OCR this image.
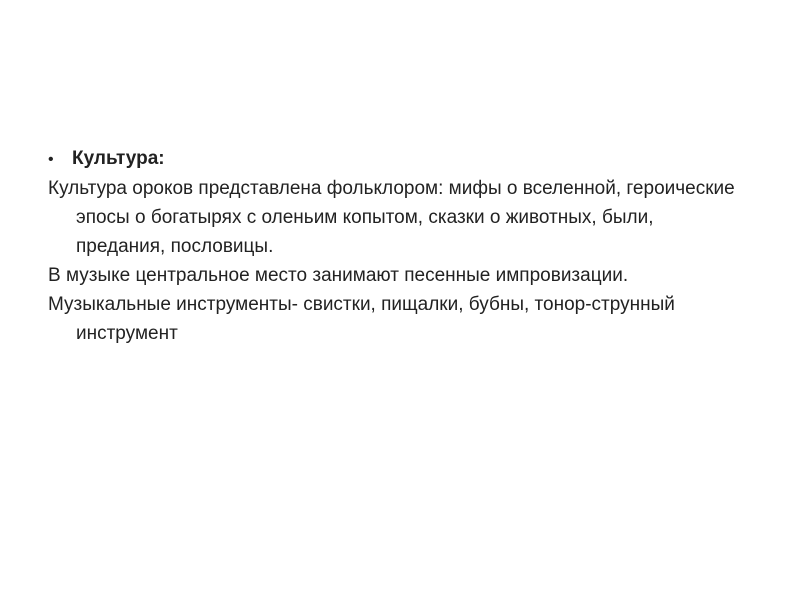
• Культура:

Культура ороков представлена фольклором: мифы о вселенной, героические эпосы о богатырях с оленьим копытом, сказки о животных, были, предания, пословицы.

В музыке центральное место занимают песенные импровизации.

Музыкальные инструменты- свистки, пищалки, бубны, тонор-струнный инструмент
